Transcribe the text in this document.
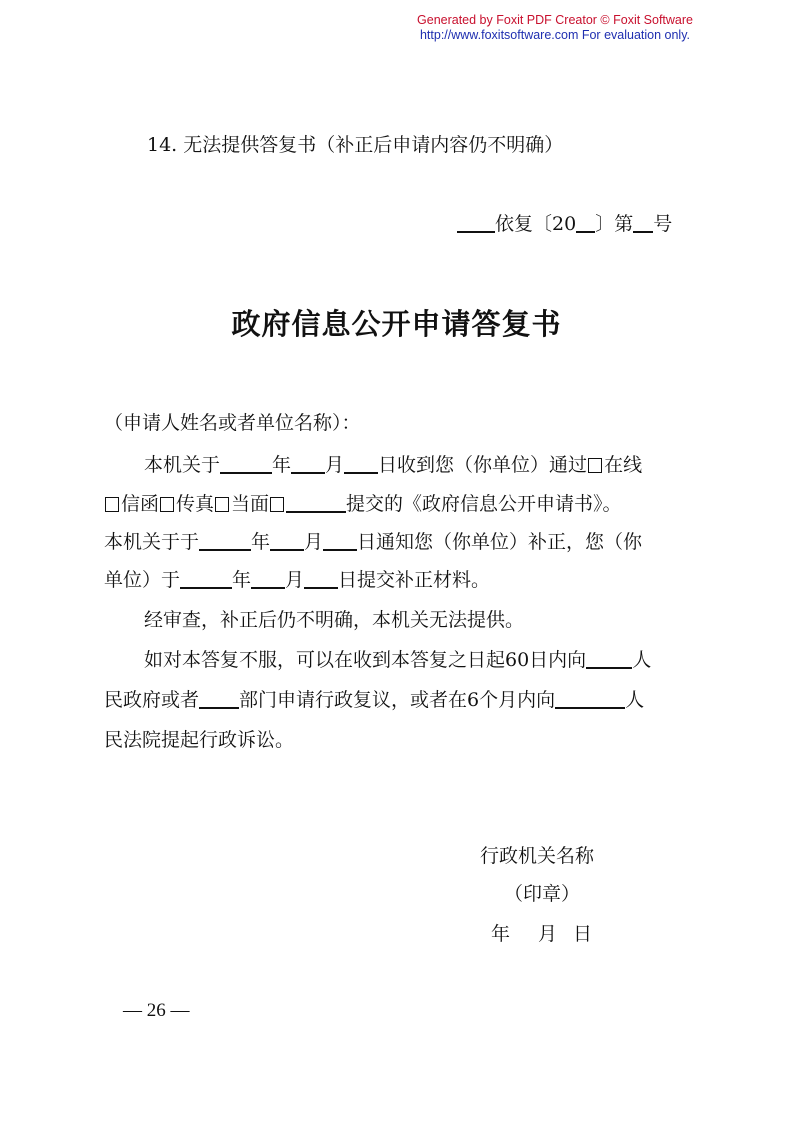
Generated by Foxit PDF Creator © Foxit Software
http://www.foxitsoftware.com For evaluation only.
14. 无法提供答复书（补正后申请内容仍不明确）
依复〔20 〕第 号
政府信息公开申请答复书
（申请人姓名或者单位名称）：
本机关于	年 月 日收到您（你单位）通过 在线
信函 传真 当面	提交的《政府信息公开申请书》。
本机关于于	年 月 日通知您（你单位）补正，您（你
单位）于	年 月 日提交补正材料。
经审查，补正后仍不明确，本机关无法提供。
如对本答复不服，可以在收到本答复之日起60日内向 人
民政府或者 部门申请行政复议，或者在6个月内向	人
民法院提起行政诉讼。
行政机关名称
（印章）
年 月 日
— 26 —
